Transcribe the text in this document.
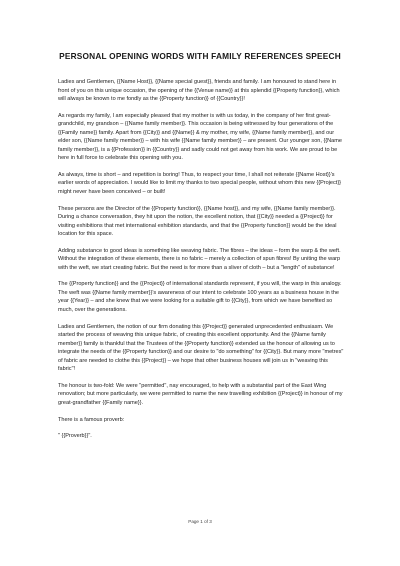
PERSONAL OPENING WORDS WITH FAMILY REFERENCES SPEECH

Ladies and Gentlemen, {{Name Host}}, {{Name special guest}}, friends and family. I am honoured to stand here in front of you on this unique occasion, the opening of the {{Venue name}} at this splendid {{Property function}}, which will always be known to me fondly as the {{Property function}} of {{Country}}!

As regards my family, I am especially pleased that my mother is with us today, in the company of her first great-grandchild, my grandson – {{Name family member}}. This occasion is being witnessed by four generations of the {{Family name}} family. Apart from {{City}} and {{Name}} & my mother, my wife, {{Name family member}}, and our elder son, {{Name family member}} – with his wife {{Name family member}} – are present. Our younger son, {{Name family member}}, is a {{Profession}} in {{Country}} and sadly could not get away from his work. We are proud to be here in full force to celebrate this opening with you.

As always, time is short – and repetition is boring! Thus, to respect your time, I shall not reiterate {{Name Host}}'s earlier words of appreciation. I would like to limit my thanks to two special people, without whom this new {{Project}} might never have been conceived – or built!

These persons are the Director of the {{Property function}}, {{Name host}}, and my wife, {{Name family member}}. During a chance conversation, they hit upon the notion, the excellent notion, that {{City}} needed a {{Project}} for visiting exhibitions that met international exhibition standards, and that the {{Property function}} would be the ideal location for this space.

Adding substance to good ideas is something like weaving fabric. The fibres – the ideas – form the warp & the weft. Without the integration of these elements, there is no fabric – merely a collection of spun fibres! By uniting the warp with the weft, we start creating fabric. But the need is for more than a sliver of cloth – but a "length" of substance!

The {{Property function}} and the {{Project}} of international standards represent, if you will, the warp in this analogy. The weft was {{Name family member}}'s awareness of our intent to celebrate 100 years as a business house in the year {{Year}} – and she knew that we were looking for a suitable gift to {{City}}, from which we have benefited so much, over the generations.

Ladies and Gentlemen, the notion of our firm donating this {{Project}} generated unprecedented enthusiasm. We started the process of weaving this unique fabric, of creating this excellent opportunity. And the {{Name family member}} family is thankful that the Trustees of the {{Property function}} extended us the honour of allowing us to integrate the needs of the {{Property function}} and our desire to "do something" for {{City}}. But many more "metres" of fabric are needed to clothe this {{Project}} – we hope that other business houses will join us in "weaving this fabric"!

The honour is two-fold: We were "permitted", nay encouraged, to help with a substantial part of the East Wing renovation; but more particularly, we were permitted to name the new travelling exhibition {{Project}} in honour of my great-grandfather {{Family name}}.

There is a famous proverb:

" {{Proverb}}".

Page 1 of 3
